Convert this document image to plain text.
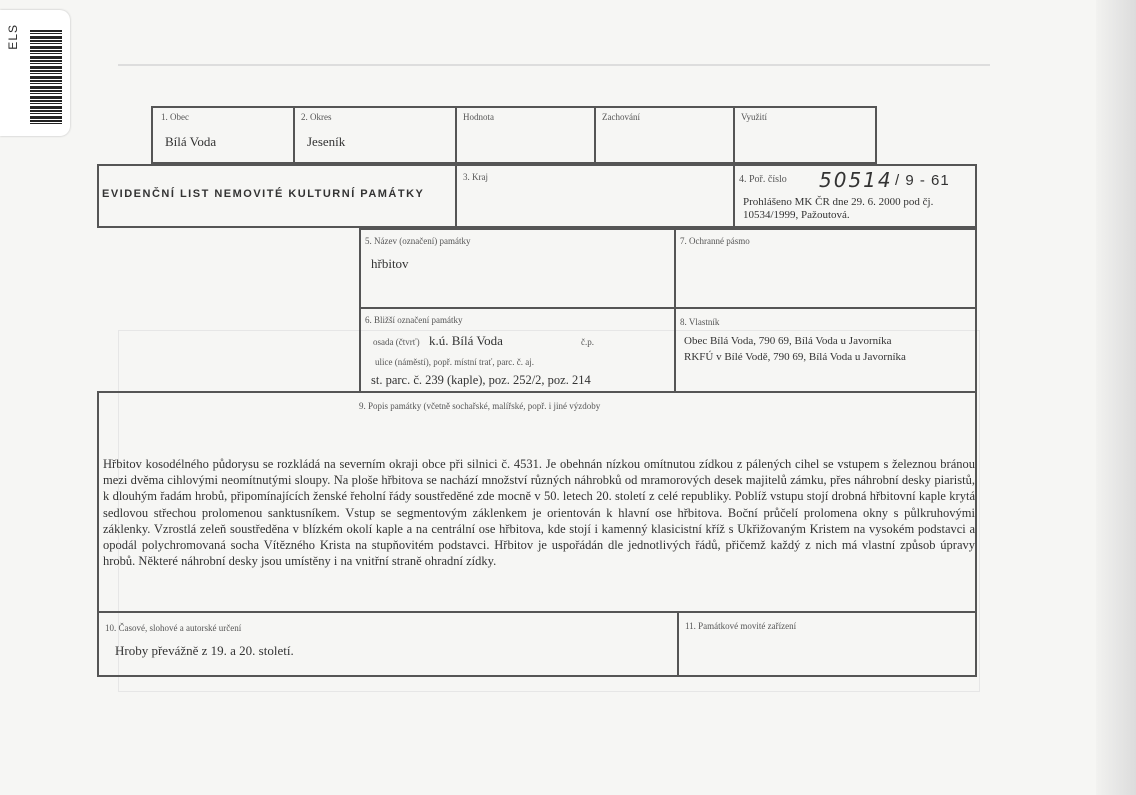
ELS
1. Obec
Bílá Voda
2. Okres
Jeseník
Hodnota	Zachování	Využití
EVIDENČNÍ LIST NEMOVITÉ KULTURNÍ PAMÁTKY
3. Kraj	4. Poř. číslo 50514 / 9 - 61
Prohlášeno MK ČR dne 29. 6. 2000 pod čj. 10534/1999, Pažoutová.
5. Název (označení) památky
hřbitov
7. Ochranné pásmo
6. Bližší označení památky
osada (čtvrť) k.ú. Bílá Voda	č.p.
ulice (náměstí), popř. místní trať, parc. č. aj.
st. parc. č. 239 (kaple), poz. 252/2, poz. 214
8. Vlastník
Obec Bílá Voda, 790 69, Bílá Voda u Javorníka
RKFÚ v Bílé Vodě, 790 69, Bílá Voda u Javorníka
9. Popis památky (včetně sochařské, malířské, popř. i jiné výzdoby
Hřbitov kosodélného půdorysu se rozkládá na severním okraji obce při silnici č. 4531. Je obehnán nízkou omítnutou zídkou z pálených cihel se vstupem s železnou bránou mezi dvěma cihlovými neomítnutými sloupy. Na ploše hřbitova se nachází množství různých náhrobků od mramorových desek majitelů zámku, přes náhrobní desky piaristů, k dlouhým řadám hrobů, připomínajících ženské řeholní řády soustředěné zde mocně v 50. letech 20. století z celé republiky. Poblíž vstupu stojí drobná hřbitovní kaple krytá sedlovou střechou prolomenou sanktusníkem. Vstup se segmentovým záklenkem je orientován k hlavní ose hřbitova. Boční průčelí prolomena okny s půlkruhovými záklenky. Vzrostlá zeleň soustředěna v blízkém okolí kaple a na centrální ose hřbitova, kde stojí i kamenný klasicistní kříž s Ukřižovaným Kristem na vysokém podstavci a opodál polychromovaná socha Vítězného Krista na stupňovitém podstavci. Hřbitov je uspořádán dle jednotlivých řádů, přičemž každý z nich má vlastní způsob úpravy hrobů. Některé náhrobní desky jsou umístěny i na vnitřní straně ohradní zídky.
10. Časové, slohové a autorské určení
Hroby převážně z 19. a 20. století.
11. Památkové movité zařízení
